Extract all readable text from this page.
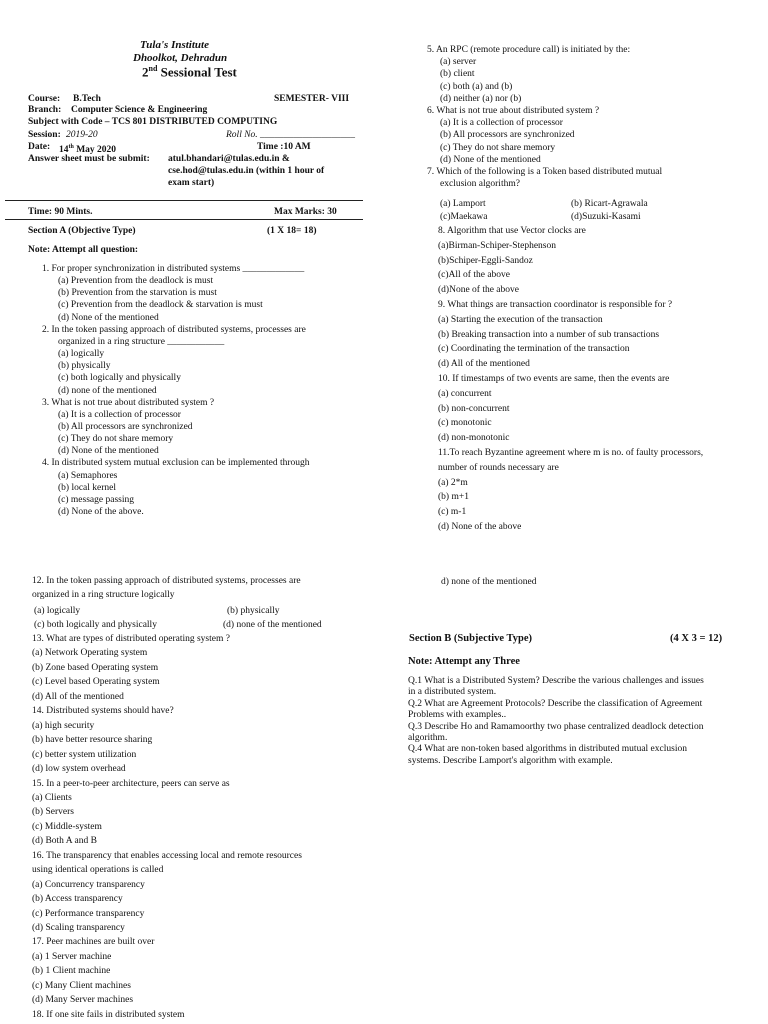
Tula's Institute
Dhoolkot, Dehradun
2nd Sessional Test
Course: B.Tech	SEMESTER- VIII
Branch: Computer Science & Engineering
Subject with Code – TCS 801 DISTRIBUTED COMPUTING
Session: 2019-20	Roll No. ____________________
Date: 14th May 2020	Time :10 AM
Answer sheet must be submit: atul.bhandari@tulas.edu.in &
cse.hod@tulas.edu.in (within 1 hour of
exam start)
Time: 90 Mints.	Max Marks: 30
Section A (Objective Type)	(1 X 18= 18)
Note: Attempt all question:
1. For proper synchronization in distributed systems _____________
(a) Prevention from the deadlock is must
(b) Prevention from the starvation is must
(c) Prevention from the deadlock & starvation is must
(d) None of the mentioned
2. In the token passing approach of distributed systems, processes are
organized in a ring structure ____________
(a) logically
(b) physically
(c) both logically and physically
(d) none of the mentioned
3. What is not true about distributed system ?
(a) It is a collection of processor
(b) All processors are synchronized
(c) They do not share memory
(d) None of the mentioned
4. In distributed system mutual exclusion can be implemented through
(a) Semaphores
(b) local kernel
(c) message passing
(d) None of the above.
5. An RPC (remote procedure call) is initiated by the:
(a) server
(b) client
(c) both (a) and (b)
(d) neither (a) nor (b)
6. What is not true about distributed system ?
(a) It is a collection of processor
(b) All processors are synchronized
(c) They do not share memory
(d) None of the mentioned
7. Which of the following is a Token based distributed mutual
exclusion algorithm?
(a) Lamport	(b) Ricart-Agrawala
(c)Maekawa	(d)Suzuki-Kasami
8. Algorithm that use Vector clocks are
(a)Birman-Schiper-Stephenson
(b)Schiper-Eggli-Sandoz
(c)All of the above
(d)None of the above
9. What things are transaction coordinator is responsible for ?
(a) Starting the execution of the transaction
(b) Breaking transaction into a number of sub transactions
(c) Coordinating the termination of the transaction
(d) All of the mentioned
10. If timestamps of two events are same, then the events are
(a) concurrent
(b) non-concurrent
(c) monotonic
(d) non-monotonic
11.To reach Byzantine agreement where m is no. of faulty processors,
number of rounds necessary are
(a) 2*m
(b) m+1
(c) m-1
(d) None of the above
12. In the token passing approach of distributed systems, processes are
organized in a ring structure logically
(a) logically	(b) physically
(c) both logically and physically	(d) none of the mentioned
13. What are types of distributed operating system ?
(a) Network Operating system
(b) Zone based Operating system
(c) Level based Operating system
(d) All of the mentioned
14. Distributed systems should have?
(a) high security
(b) have better resource sharing
(c) better system utilization
(d) low system overhead
15. In a peer-to-peer architecture, peers can serve as
(a) Clients
(b) Servers
(c) Middle-system
(d) Both A and B
16. The transparency that enables accessing local and remote resources
using identical operations is called
(a) Concurrency transparency
(b) Access transparency
(c) Performance transparency
(d) Scaling transparency
17. Peer machines are built over
(a) 1 Server machine
(b) 1 Client machine
(c) Many Client machines
(d) Many Server machines
18. If one site fails in distributed system
d) none of the mentioned
Section B (Subjective Type)	(4 X 3 = 12)
Note: Attempt any Three
Q.1 What is a Distributed System? Describe the various challenges and issues
in a distributed system.
Q.2 What are Agreement Protocols? Describe the classification of Agreement
Problems with examples..
Q.3 Describe Ho and Ramamoorthy two phase centralized deadlock detection
algorithm.
Q.4 What are non-token based algorithms in distributed mutual exclusion
systems. Describe Lamport's algorithm with example.
